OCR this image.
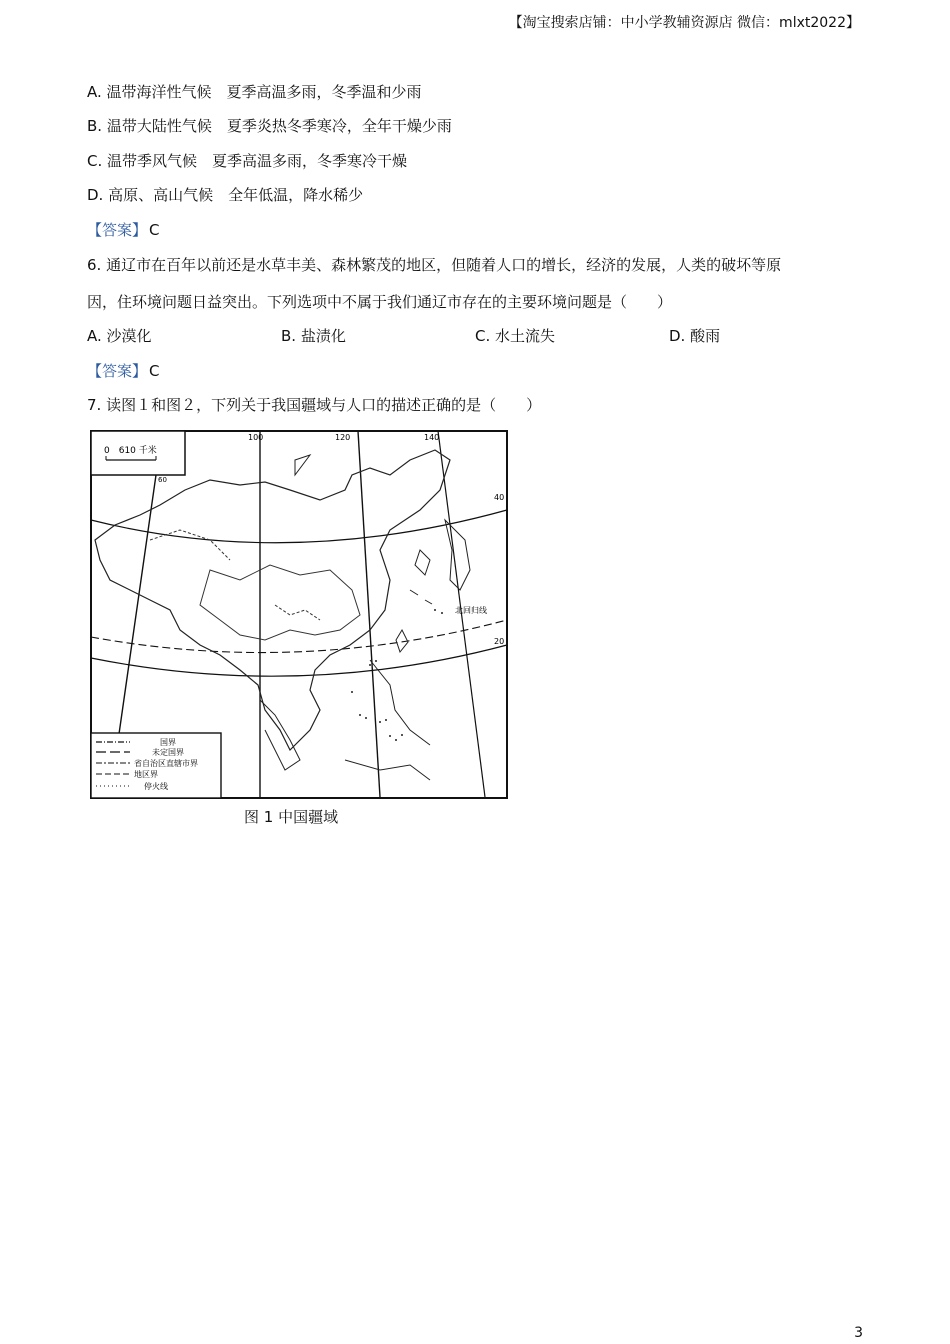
【淘宝搜索店铺：中小学教辅资源店 微信：mlxt2022】
A. 温带海洋性气候　夏季高温多雨，冬季温和少雨
B. 温带大陆性气候　夏季炎热冬季寒冷，全年干燥少雨
C. 温带季风气候　夏季高温多雨，冬季寒冷干燥
D. 高原、高山气候　全年低温，降水稀少
【答案】 C
6. 通辽市在百年以前还是水草丰美、森林繁茂的地区，但随着人口的增长，经济的发展，人类的破坏等原
因，住环境问题日益突出。下列选项中不属于我们通辽市存在的主要环境问题是（　　）
A. 沙漠化	B. 盐渍化	C. 水土流失	D. 酸雨
【答案】 C
7. 读图１和图２，下列关于我国疆域与人口的描述正确的是（　　）
0　610 千米
100	120	140
40
20
北回归线
60
国界
未定国界
省自治区直辖市界
地区界
停火线
图 1 中国疆域
3
